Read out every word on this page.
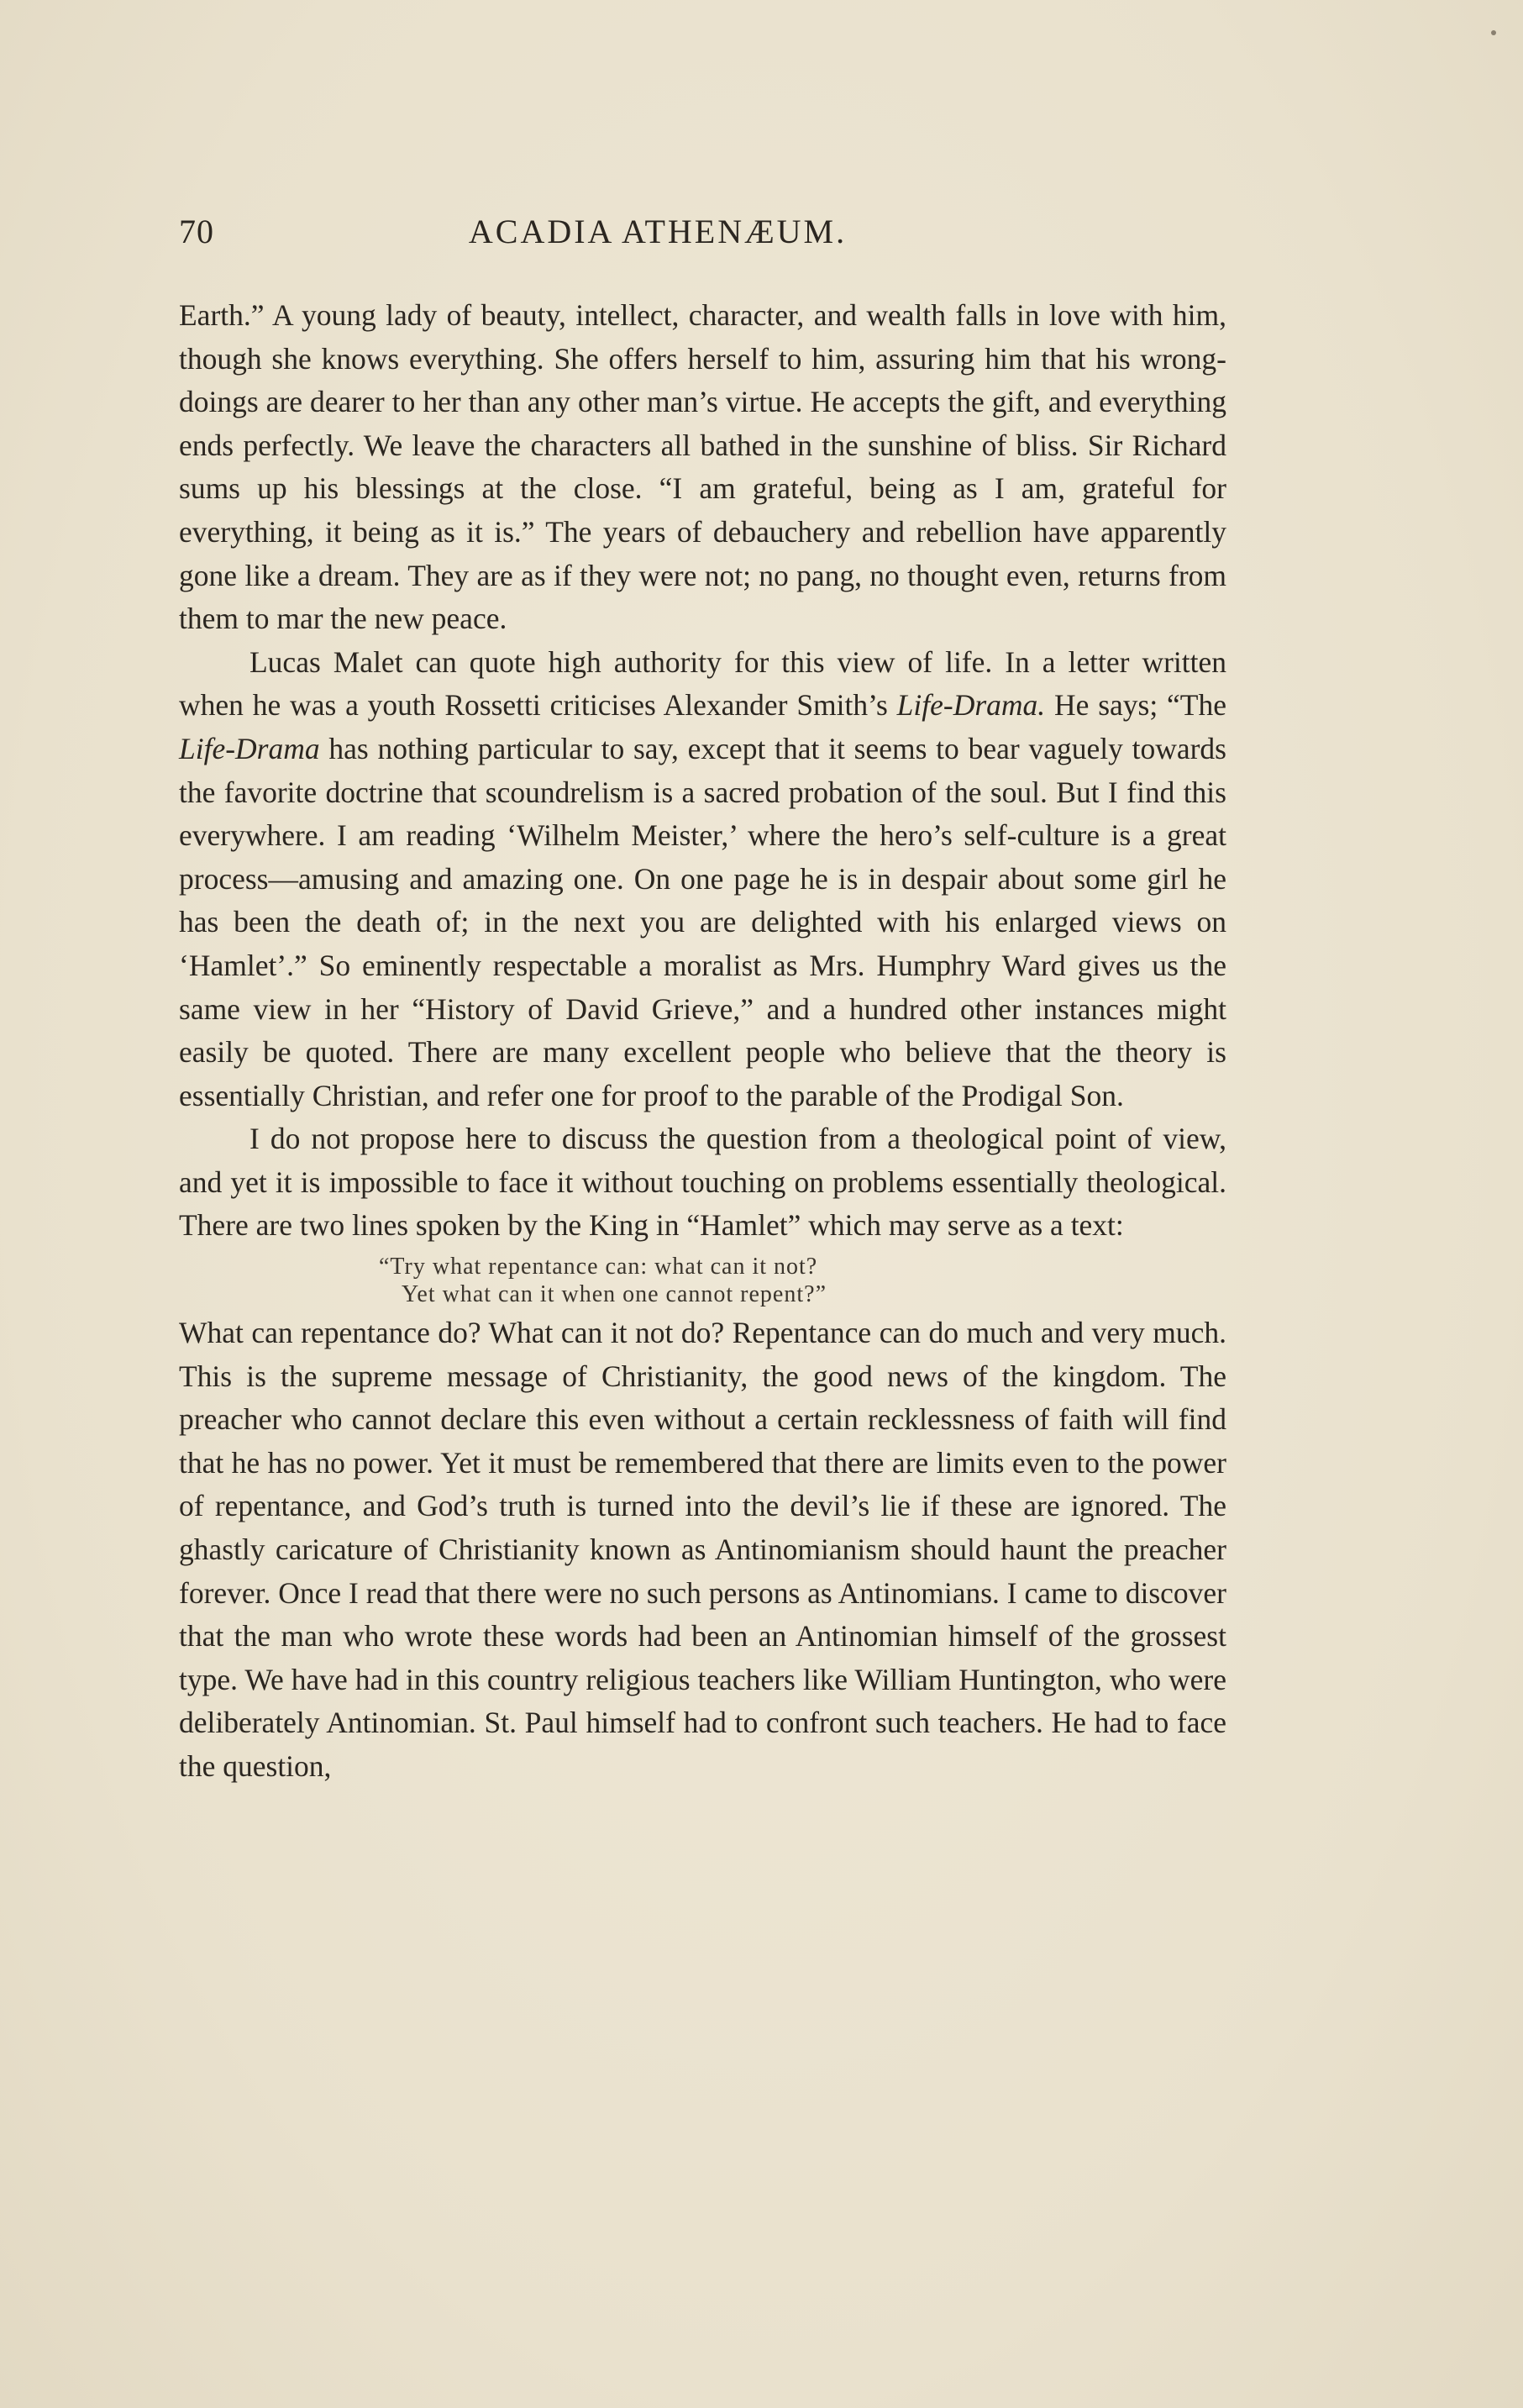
70	ACADIA ATHENÆUM.

Earth.” A young lady of beauty, intellect, character, and wealth falls in love with him, though she knows everything. She offers herself to him, assuring him that his wrong-doings are dearer to her than any other man’s virtue. He accepts the gift, and everything ends perfectly. We leave the characters all bathed in the sunshine of bliss. Sir Richard sums up his blessings at the close. “I am grateful, being as I am, grateful for everything, it being as it is.” The years of debauchery and rebellion have apparently gone like a dream. They are as if they were not; no pang, no thought even, returns from them to mar the new peace.

Lucas Malet can quote high authority for this view of life. In a letter written when he was a youth Rossetti criticises Alexander Smith’s Life-Drama. He says; “The Life-Drama has nothing particular to say, except that it seems to bear vaguely towards the favorite doctrine that scoundrelism is a sacred probation of the soul. But I find this everywhere. I am reading ‘Wilhelm Meister,’ where the hero’s self-culture is a great process—amusing and amazing one. On one page he is in despair about some girl he has been the death of; in the next you are delighted with his enlarged views on ‘Hamlet’.” So eminently respectable a moralist as Mrs. Humphry Ward gives us the same view in her “History of David Grieve,” and a hundred other instances might easily be quoted. There are many excellent people who believe that the theory is essentially Christian, and refer one for proof to the parable of the Prodigal Son.

I do not propose here to discuss the question from a theological point of view, and yet it is impossible to face it without touching on problems essentially theological. There are two lines spoken by the King in “Hamlet” which may serve as a text:

“Try what repentance can: what can it not?
Yet what can it when one cannot repent?”

What can repentance do? What can it not do? Repentance can do much and very much. This is the supreme message of Christianity, the good news of the kingdom. The preacher who cannot declare this even without a certain recklessness of faith will find that he has no power. Yet it must be remembered that there are limits even to the power of repentance, and God’s truth is turned into the devil’s lie if these are ignored. The ghastly caricature of Christianity known as Antinomianism should haunt the preacher forever. Once I read that there were no such persons as Antinomians. I came to discover that the man who wrote these words had been an Antinomian himself of the grossest type. We have had in this country religious teachers like William Huntington, who were deliberately Antinomian. St. Paul himself had to confront such teachers. He had to face the question,
